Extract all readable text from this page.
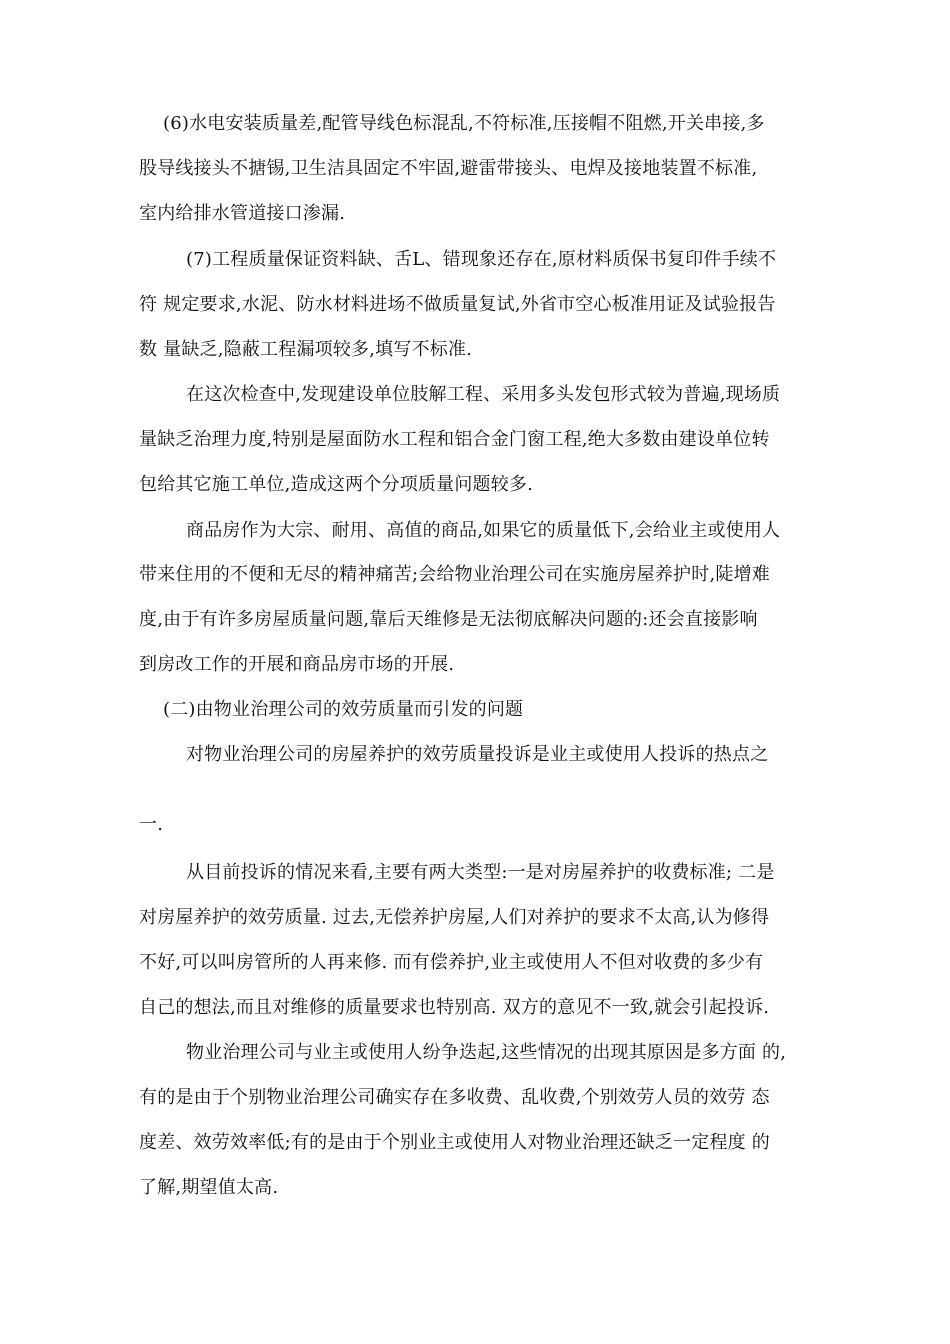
(6)水电安装质量差,配管导线色标混乱,不符标准,压接帽不阻燃,开关串接,多
股导线接头不搪锡,卫生洁具固定不牢固,避雷带接头、电焊及接地装置不标准,
室内给排水管道接口渗漏.
(7)工程质量保证资料缺、舌L、错现象还存在,原材料质保书复印件手续不
符 规定要求,水泥、防水材料进场不做质量复试,外省市空心板准用证及试验报告
数 量缺乏,隐蔽工程漏项较多,填写不标准.
在这次检查中,发现建设单位肢解工程、采用多头发包形式较为普遍,现场质
量缺乏治理力度,特别是屋面防水工程和铝合金门窗工程,绝大多数由建设单位转
包给其它施工单位,造成这两个分项质量问题较多.
商品房作为大宗、耐用、高值的商品,如果它的质量低下,会给业主或使用人
带来住用的不便和无尽的精神痛苦;会给物业治理公司在实施房屋养护时,陡增难
度,由于有许多房屋质量问题,靠后天维修是无法彻底解决问题的:还会直接影响
到房改工作的开展和商品房市场的开展.
(二)由物业治理公司的效劳质量而引发的问题
对物业治理公司的房屋养护的效劳质量投诉是业主或使用人投诉的热点之
一.
从目前投诉的情况来看,主要有两大类型:一是对房屋养护的收费标准; 二是
对房屋养护的效劳质量. 过去,无偿养护房屋,人们对养护的要求不太高,认为修得
不好,可以叫房管所的人再来修. 而有偿养护,业主或使用人不但对收费的多少有
自己的想法,而且对维修的质量要求也特别高. 双方的意见不一致,就会引起投诉.
物业治理公司与业主或使用人纷争迭起,这些情况的出现其原因是多方面 的,
有的是由于个别物业治理公司确实存在多收费、乱收费,个别效劳人员的效劳 态
度差、效劳效率低;有的是由于个别业主或使用人对物业治理还缺乏一定程度 的
了解,期望值太高.
